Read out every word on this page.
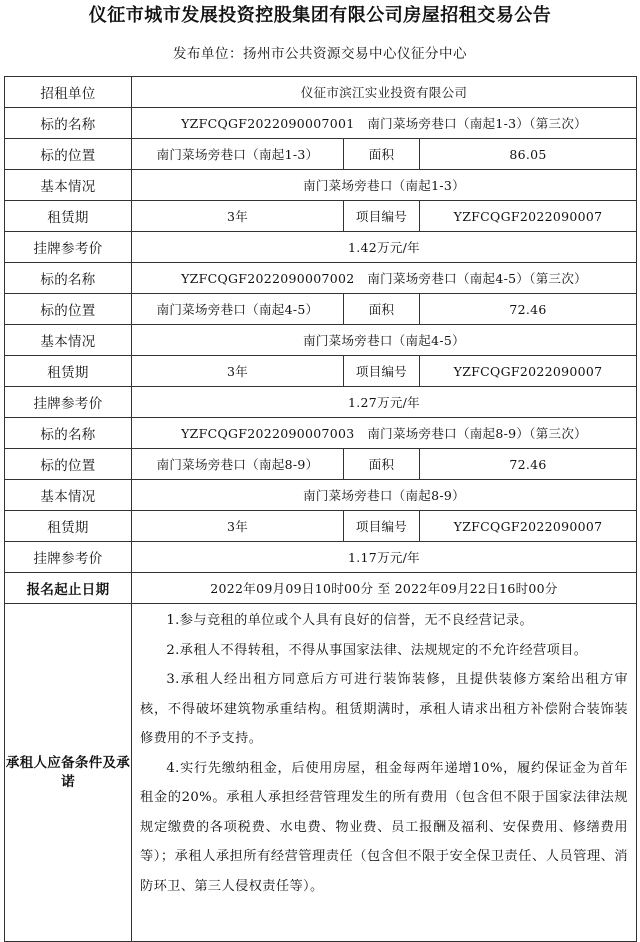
仪征市城市发展投资控股集团有限公司房屋招租交易公告
发布单位：扬州市公共资源交易中心仪征分中心
招租单位	仪征市滨江实业投资有限公司		
标的名称	YZFCQGF2022090007001　南门菜场旁巷口（南起1-3）（第三次）		
标的位置	南门菜场旁巷口（南起1-3）	面积	86.05
基本情况	南门菜场旁巷口（南起1-3）		
租赁期	3年	项目编号	YZFCQGF2022090007
挂牌参考价	1.42万元/年		
标的名称	YZFCQGF2022090007002　南门菜场旁巷口（南起4-5）（第三次）		
标的位置	南门菜场旁巷口（南起4-5）	面积	72.46
基本情况	南门菜场旁巷口（南起4-5）		
租赁期	3年	项目编号	YZFCQGF2022090007
挂牌参考价	1.27万元/年		
标的名称	YZFCQGF2022090007003　南门菜场旁巷口（南起8-9）（第三次）		
标的位置	南门菜场旁巷口（南起8-9）	面积	72.46
基本情况	南门菜场旁巷口（南起8-9）		
租赁期	3年	项目编号	YZFCQGF2022090007
挂牌参考价	1.17万元/年		
报名起止日期	2022年09月09日10时00分 至 2022年09月22日16时00分		
承租人应备条件及承诺	1.参与竞租的单位或个人具有良好的信誉，无不良经营记录。

2.承租人不得转租，不得从事国家法律、法规规定的不允许经营项目。

3.承租人经出租方同意后方可进行装饰装修，且提供装修方案给出租方审核，不得破坏建筑物承重结构。租赁期满时，承租人请求出租方补偿附合装饰装修费用的不予支持。

4.实行先缴纳租金，后使用房屋，租金每两年递增10%，履约保证金为首年租金的20%。承租人承担经营管理发生的所有费用（包含但不限于国家法律法规规定缴费的各项税费、水电费、物业费、员工报酬及福利、安保费用、修缮费用等）；承租人承担所有经营管理责任（包含但不限于安全保卫责任、人员管理、消防环卫、第三人侵权责任等）。		
